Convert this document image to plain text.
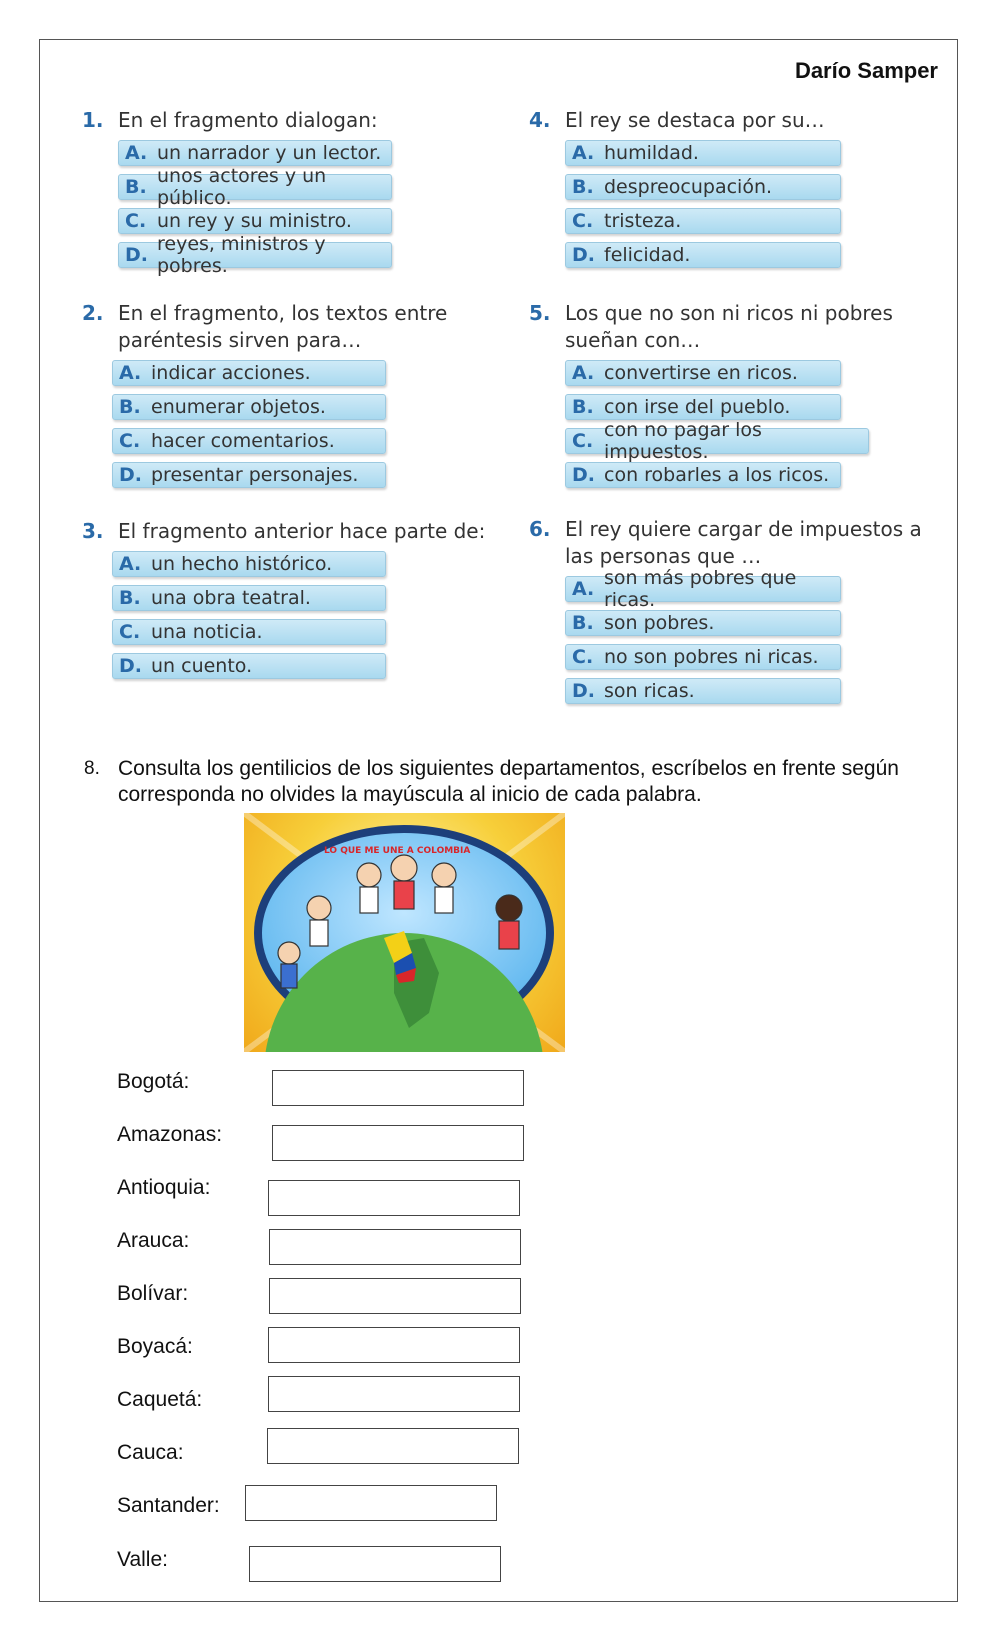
Darío Samper
1. En el fragmento dialogan:
A. un narrador y un lector.
B. unos actores y un público.
C. un rey y su ministro.
D. reyes, ministros y pobres.
2. En el fragmento, los textos entre paréntesis sirven para…
A. indicar acciones.
B. enumerar objetos.
C. hacer comentarios.
D. presentar personajes.
3. El fragmento anterior hace parte de:
A. un hecho histórico.
B. una obra teatral.
C. una noticia.
D. un cuento.
4. El rey se destaca por su…
A. humildad.
B. despreocupación.
C. tristeza.
D. felicidad.
5. Los que no son ni ricos ni pobres sueñan con…
A. convertirse en ricos.
B. con irse del pueblo.
C. con no pagar los impuestos.
D. con robarles a los ricos.
6. El rey quiere cargar de impuestos a las personas que …
A. son más pobres que ricas.
B. son pobres.
C. no son pobres ni ricas.
D. son ricas.
8. Consulta los gentilicios de los siguientes departamentos, escríbelos en frente según corresponda no olvides la mayúscula al inicio de cada palabra.
LO QUE ME UNE A COLOMBIA
Bogotá:
Amazonas:
Antioquia:
Arauca:
Bolívar:
Boyacá:
Caquetá:
Cauca:
Santander:
Valle:
